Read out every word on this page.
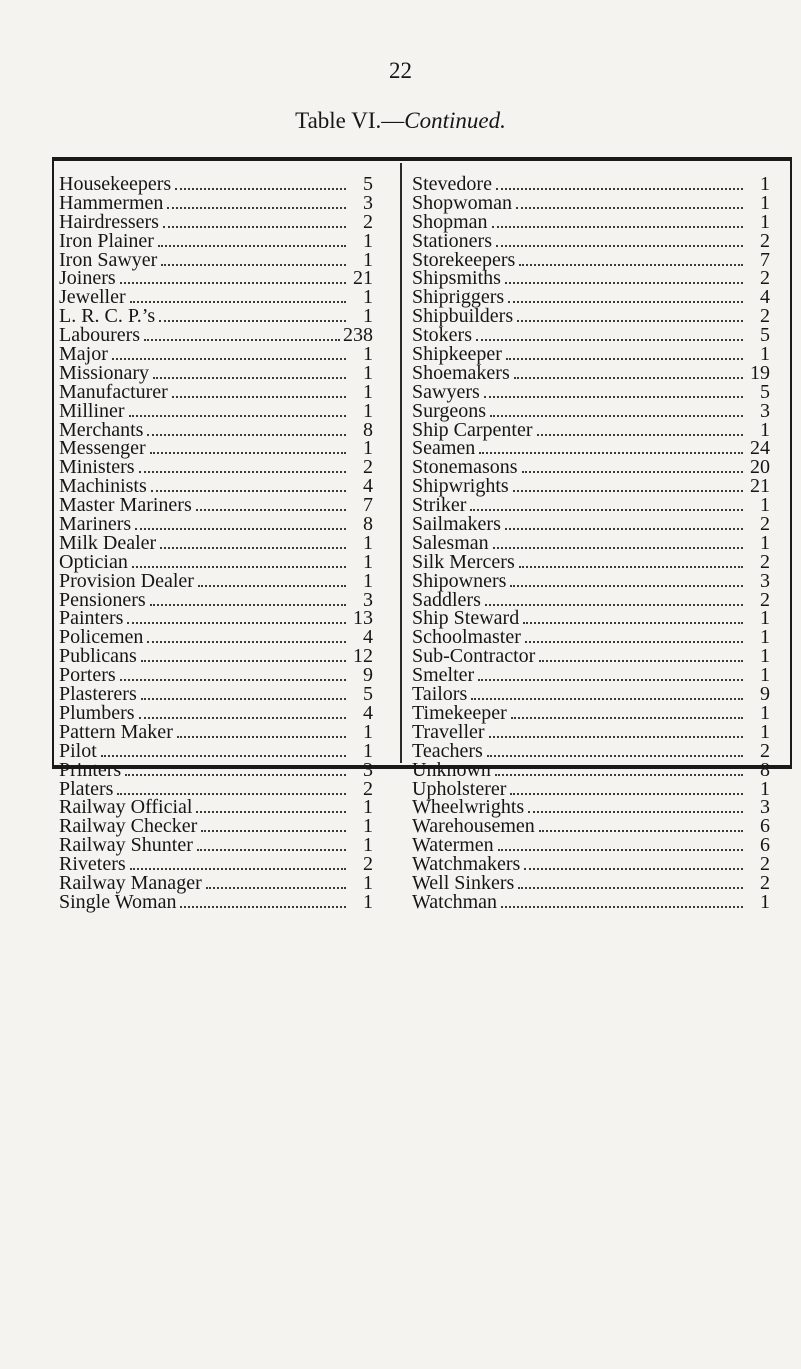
22
Table VI.—Continued.
Housekeepers	5
Hammermen	3
Hairdressers	2
Iron Plainer	1
Iron Sawyer	1
Joiners	21
Jeweller	1
L. R. C. P.’s	1
Labourers	238
Major	1
Missionary	1
Manufacturer	1
Milliner	1
Merchants	8
Messenger	1
Ministers	2
Machinists	4
Master Mariners	7
Mariners	8
Milk Dealer	1
Optician	1
Provision Dealer	1
Pensioners	3
Painters	13
Policemen	4
Publicans	12
Porters	9
Plasterers	5
Plumbers	4
Pattern Maker	1
Pilot	1
Printers	3
Platers	2
Railway Official	1
Railway Checker	1
Railway Shunter	1
Riveters	2
Railway Manager	1
Single Woman	1
Stevedore	1
Shopwoman	1
Shopman	1
Stationers	2
Storekeepers	7
Shipsmiths	2
Shipriggers	4
Shipbuilders	2
Stokers	5
Shipkeeper	1
Shoemakers	19
Sawyers	5
Surgeons	3
Ship Carpenter	1
Seamen	24
Stonemasons	20
Shipwrights	21
Striker	1
Sailmakers	2
Salesman	1
Silk Mercers	2
Shipowners	3
Saddlers	2
Ship Steward	1
Schoolmaster	1
Sub-Contractor	1
Smelter	1
Tailors	9
Timekeeper	1
Traveller	1
Teachers	2
Unknown	8
Upholsterer	1
Wheelwrights	3
Warehousemen	6
Watermen	6
Watchmakers	2
Well Sinkers	2
Watchman	1
